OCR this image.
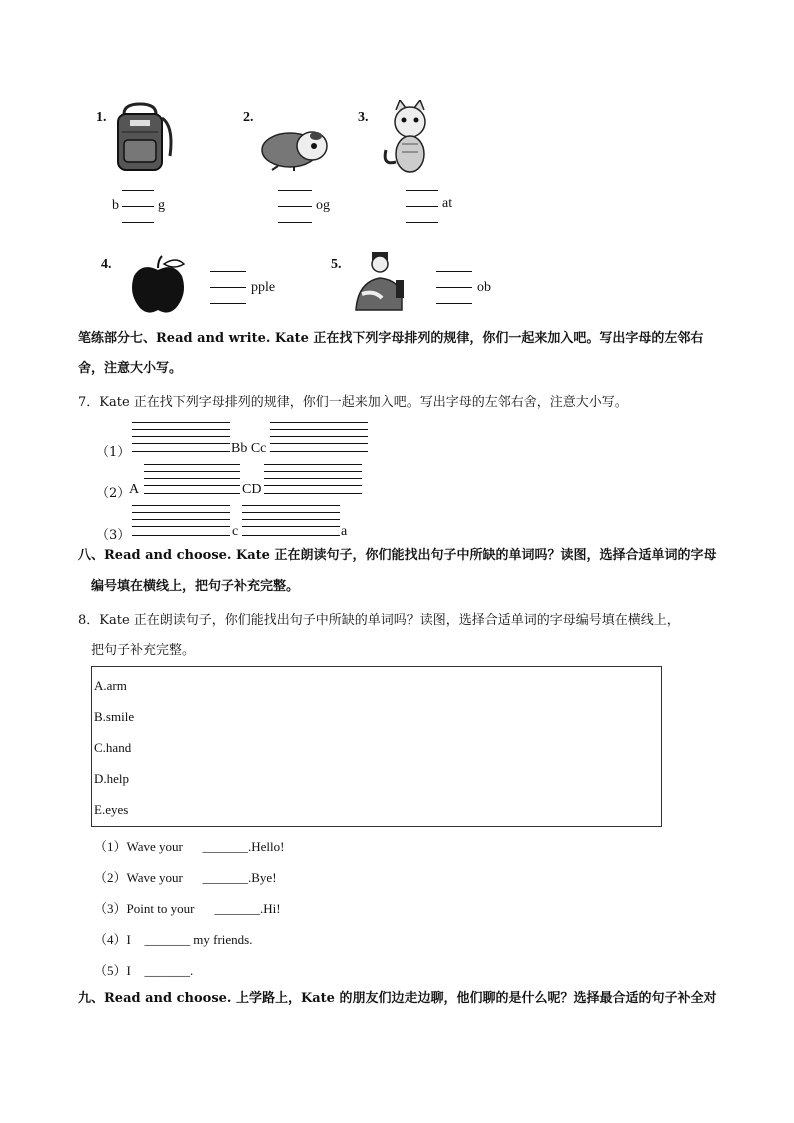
1.
b	g
2.
og
3.
at
4.
pple
5.
ob
笔练部分七、Read and write. Kate 正在找下列字母排列的规律，你们一起来加入吧。写出字母的左邻右
舍，注意大小写。
7．Kate 正在找下列字母排列的规律，你们一起来加入吧。写出字母的左邻右舍，注意大小写。
（1）	Bb Cc
（2）
A	CD
（3）	c	a
八、Read and choose. Kate 正在朗读句子，你们能找出句子中所缺的单词吗？读图，选择合适单词的字母
编号填在横线上，把句子补充完整。
8．Kate 正在朗读句子，你们能找出句子中所缺的单词吗？读图，选择合适单词的字母编号填在横线上，
把句子补充完整。
A.arm
B.smile
C.hand
D.help
E.eyes
（1）Wave your _______.Hello!
（2）Wave your _______.Bye!
（3）Point to your _______.Hi!
（4）I _______ my friends.
（5）I _______.
九、Read and choose. 上学路上，Kate 的朋友们边走边聊，他们聊的是什么呢？选择最合适的句子补全对
